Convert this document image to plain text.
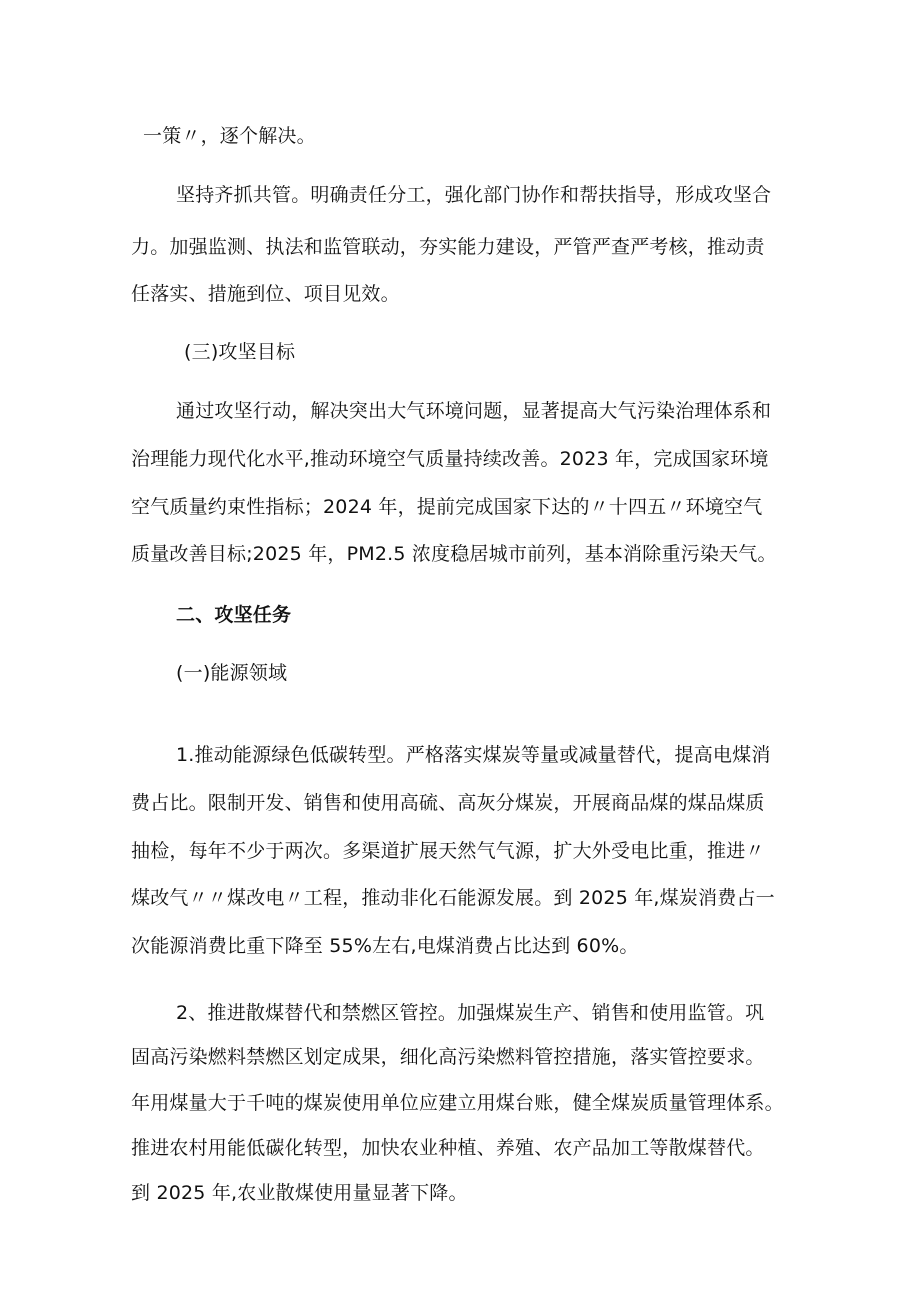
一策〃，逐个解决。
坚持齐抓共管。明确责任分工，强化部门协作和帮扶指导，形成攻坚合
力。加强监测、执法和监管联动，夯实能力建设，严管严查严考核，推动责
任落实、措施到位、项目见效。
(三)攻坚目标
通过攻坚行动，解决突出大气环境问题，显著提高大气污染治理体系和
治理能力现代化水平,推动环境空气质量持续改善。2023 年，完成国家环境
空气质量约束性指标；2024 年，提前完成国家下达的〃十四五〃环境空气
质量改善目标;2025 年，PM2.5 浓度稳居城市前列，基本消除重污染天气。
二、攻坚任务
(一)能源领域
1.推动能源绿色低碳转型。严格落实煤炭等量或减量替代，提高电煤消
费占比。限制开发、销售和使用高硫、高灰分煤炭，开展商品煤的煤品煤质
抽检，每年不少于两次。多渠道扩展天然气气源，扩大外受电比重，推进〃
煤改气〃〃煤改电〃工程，推动非化石能源发展。到 2025 年,煤炭消费占一
次能源消费比重下降至 55%左右,电煤消费占比达到 60%。
2、推进散煤替代和禁燃区管控。加强煤炭生产、销售和使用监管。巩
固高污染燃料禁燃区划定成果，细化高污染燃料管控措施，落实管控要求。
年用煤量大于千吨的煤炭使用单位应建立用煤台账，健全煤炭质量管理体系。
推进农村用能低碳化转型，加快农业种植、养殖、农产品加工等散煤替代。
到 2025 年,农业散煤使用量显著下降。
